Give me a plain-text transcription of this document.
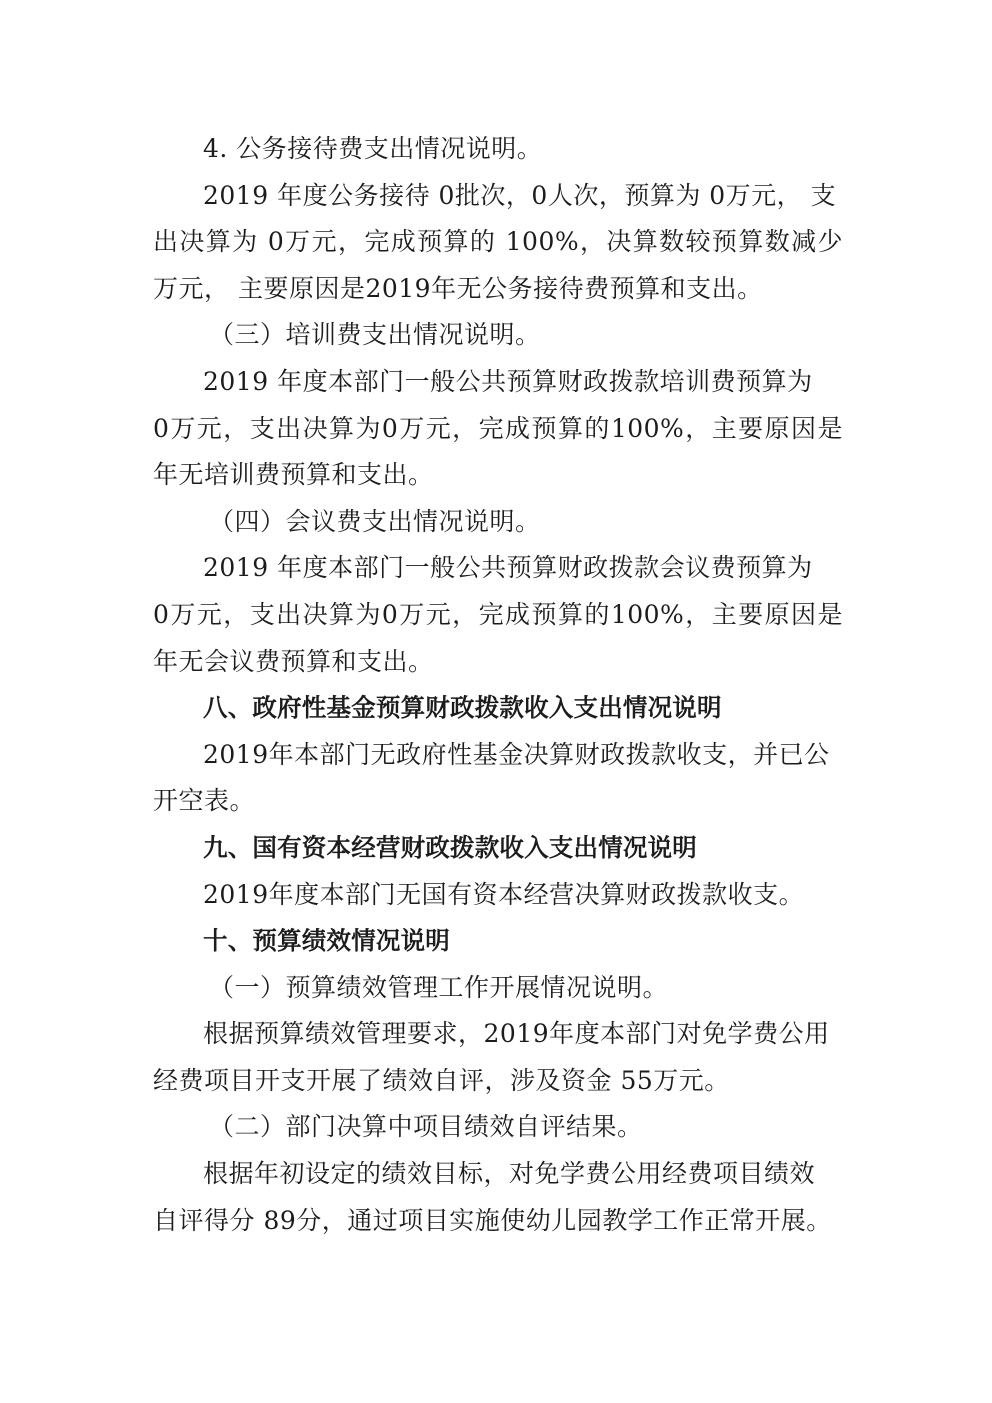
4. 公务接待费支出情况说明。
2019 年度公务接待 0批次，0人次，预算为 0万元， 支
出决算为 0万元，完成预算的 100%，决算数较预算数减少
万元， 主要原因是2019年无公务接待费预算和支出。
（三）培训费支出情况说明。
2019 年度本部门一般公共预算财政拨款培训费预算为
0万元，支出决算为0万元，完成预算的100%，主要原因是
年无培训费预算和支出。
（四）会议费支出情况说明。
2019 年度本部门一般公共预算财政拨款会议费预算为
0万元，支出决算为0万元，完成预算的100%，主要原因是
年无会议费预算和支出。
八、政府性基金预算财政拨款收入支出情况说明
2019年本部门无政府性基金决算财政拨款收支，并已公
开空表。
九、国有资本经营财政拨款收入支出情况说明
2019年度本部门无国有资本经营决算财政拨款收支。
十、预算绩效情况说明
（一）预算绩效管理工作开展情况说明。
根据预算绩效管理要求，2019年度本部门对免学费公用
经费项目开支开展了绩效自评，涉及资金 55万元。
（二）部门决算中项目绩效自评结果。
根据年初设定的绩效目标，对免学费公用经费项目绩效
自评得分 89分，通过项目实施使幼儿园教学工作正常开展。
